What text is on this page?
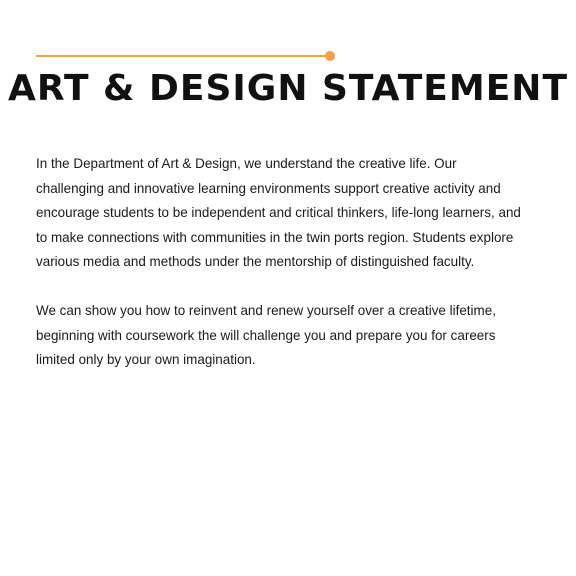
ART & DESIGN STATEMENT

In the Department of Art & Design, we understand the creative life. Our challenging and innovative learning environments support creative activity and encourage students to be independent and critical thinkers, life-long learners, and to make connections with communities in the twin ports region. Students explore various media and methods under the mentorship of distinguished faculty.

We can show you how to reinvent and renew yourself over a creative lifetime, beginning with coursework the will challenge you and prepare you for careers limited only by your own imagination.
